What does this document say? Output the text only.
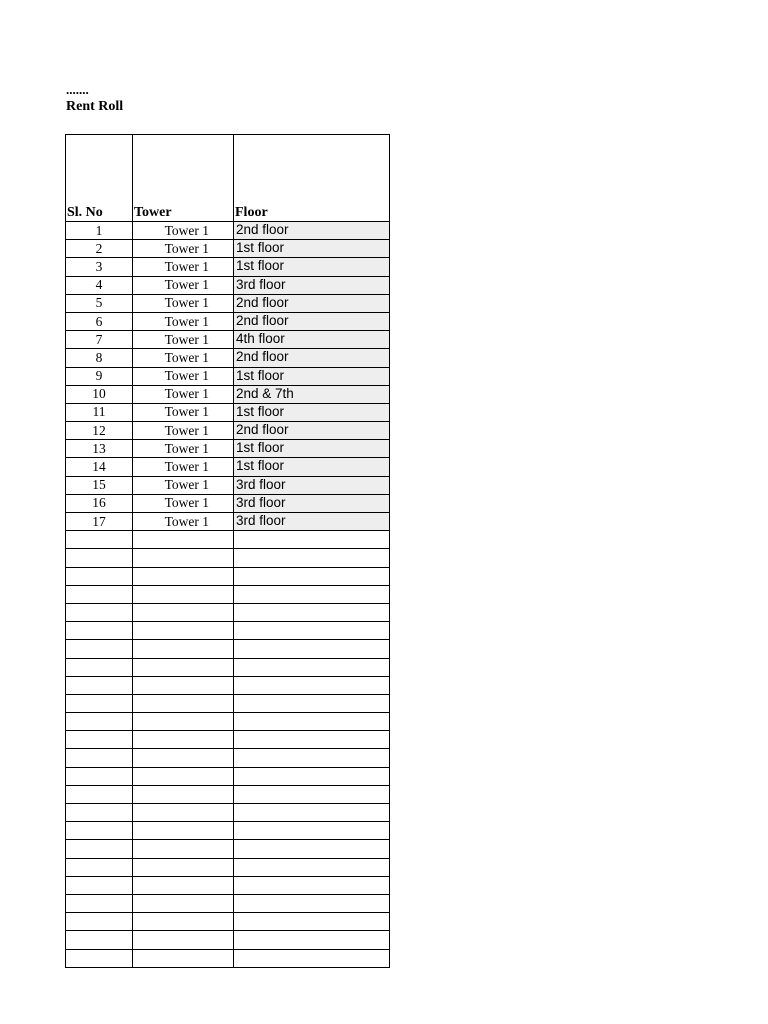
.......
Rent Roll
Sl. No	Tower	Floor

1	Tower 1	2nd floor
2	Tower 1	1st floor
3	Tower 1	1st floor
4	Tower 1	3rd floor
5	Tower 1	2nd floor
6	Tower 1	2nd floor
7	Tower 1	4th floor
8	Tower 1	2nd floor
9	Tower 1	1st floor
10	Tower 1	2nd & 7th
11	Tower 1	1st floor
12	Tower 1	2nd floor
13	Tower 1	1st floor
14	Tower 1	1st floor
15	Tower 1	3rd floor
16	Tower 1	3rd floor
17	Tower 1	3rd floor
